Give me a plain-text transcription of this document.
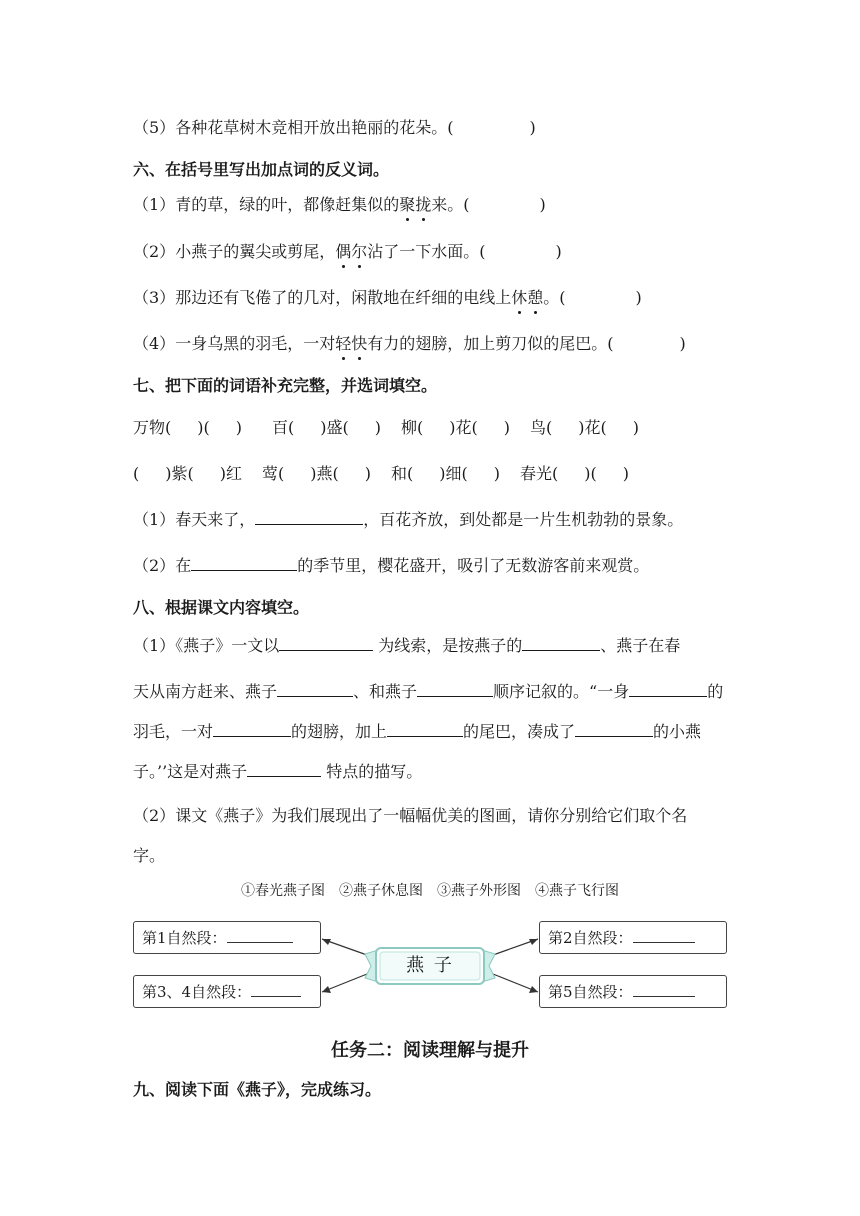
（5）各种花草树木竞相开放出艳丽的花朵。(	)
六、在括号里写出加点词的反义词。
（1）青的草，绿的叶，都像赶集似的聚拢来。(	)
（2）小燕子的翼尖或剪尾，偶尔沾了一下水面。(	)
（3）那边还有飞倦了的几对，闲散地在纤细的电线上休憩。(	)
（4）一身乌黑的羽毛，一对轻快有力的翅膀，加上剪刀似的尾巴。(	)
七、把下面的词语补充完整，并选词填空。
万物( )( ) 百( )盛( ) 柳( )花( ) 鸟( )花( )
( )紫( )红 莺( )燕( ) 和( )细( ) 春光( )( )
（1）春天来了，	，百花齐放，到处都是一片生机勃勃的景象。
（2）在	的季节里，樱花盛开，吸引了无数游客前来观赏。
八、根据课文内容填空。
（1）《燕子》一文以	为线索，是按燕子的	、燕子在春
天从南方赶来、燕子	、和燕子	顺序记叙的。“一身	的
羽毛，一对	的翅膀，加上	的尾巴，凑成了	的小燕
子。’’这是对燕子	特点的描写。
（2）课文《燕子》为我们展现出了一幅幅优美的图画，请你分别给它们取个名
字。
①春光燕子图　②燕子休息图　③燕子外形图　④燕子飞行图
燕 子
第1自然段：	第2自然段：
第3、4自然段：	第5自然段：
任务二：阅读理解与提升
九、阅读下面《燕子》，完成练习。
